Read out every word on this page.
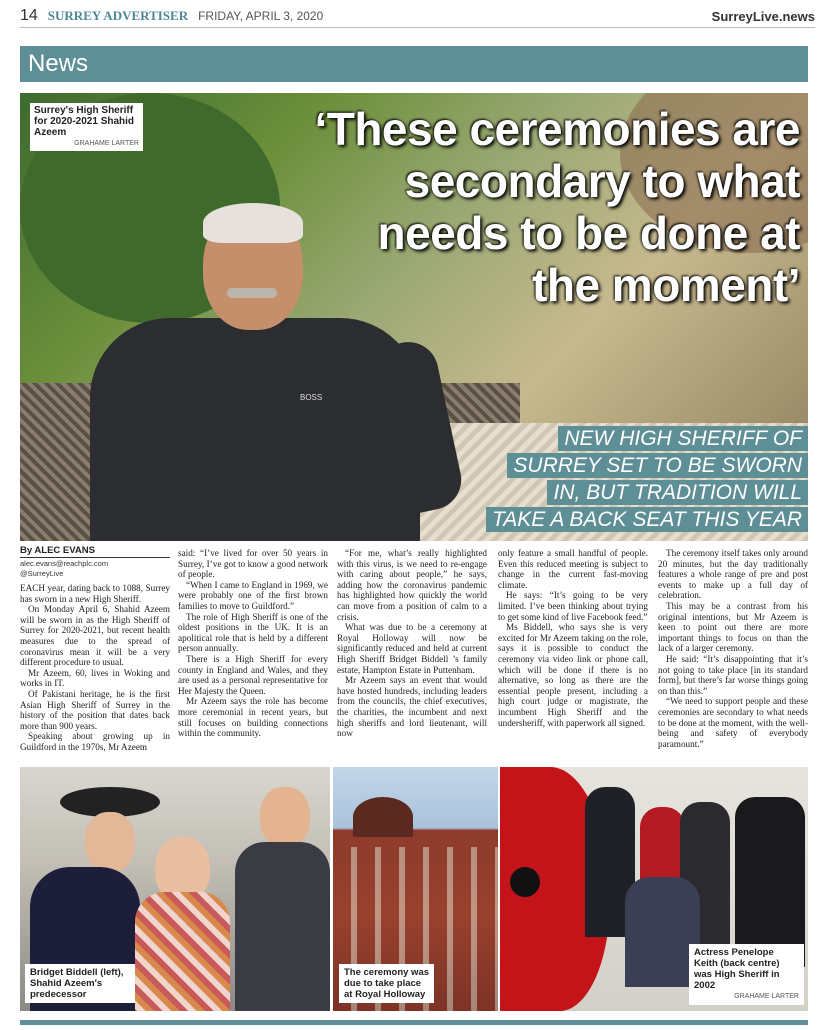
14 SURREY ADVERTISER FRIDAY, APRIL 3, 2020	SurreyLive.news
News
BOSS
Surrey's High Sheriff for 2020-2021 Shahid Azeem
GRAHAME LARTER	‘These ceremonies are secondary to what needs to be done at the moment’
NEW HIGH SHERIFF OF
SURREY SET TO BE SWORN
IN, BUT TRADITION WILL
TAKE A BACK SEAT THIS YEAR
By ALEC EVANS
alec.evans@reachplc.com
@SurreyLive

EACH year, dating back to 1088, Surrey has sworn in a new High Sheriff.

On Monday April 6, Shahid Azeem will be sworn in as the High Sheriff of Surrey for 2020-2021, but recent health measures due to the spread of coronavirus mean it will be a very different procedure to usual.

Mr Azeem, 60, lives in Woking and works in IT.

Of Pakistani heritage, he is the first Asian High Sheriff of Surrey in the history of the position that dates back more than 900 years.

Speaking about growing up in Guildford in the 1970s, Mr Azeem

said: “I’ve lived for over 50 years in Surrey, I’ve got to know a good network of people.

“When I came to England in 1969, we were probably one of the first brown families to move to Guildford.”

The role of High Sheriff is one of the oldest positions in the UK. It is an apolitical role that is held by a different person annually.

There is a High Sheriff for every county in England and Wales, and they are used as a personal representative for Her Majesty the Queen.

Mr Azeem says the role has become more ceremonial in recent years, but still focuses on building connections within the community.

“For me, what’s really highlighted with this virus, is we need to re-engage with caring about people,” he says, adding how the coronavirus pandemic has highlighted how quickly the world can move from a position of calm to a crisis.

What was due to be a ceremony at Royal Holloway will now be significantly reduced and held at current High Sheriff Bridget Biddell ’s family estate, Hampton Estate in Puttenham.

Mr Azeem says an event that would have hosted hundreds, including leaders from the councils, the chief executives, the charities, the incumbent and next high sheriffs and lord lieutenant, will now

only feature a small handful of people. Even this reduced meeting is subject to change in the current fast-moving climate.

He says: “It’s going to be very limited. I’ve been thinking about trying to get some kind of live Facebook feed.”

Ms Biddell, who says she is very excited for Mr Azeem taking on the role, says it is possible to conduct the ceremony via video link or phone call, which will be done if there is no alternative, so long as there are the essential people present, including a high court judge or magistrate, the incumbent High Sheriff and the undersheriff, with paperwork all signed.

The ceremony itself takes only around 20 minutes, but the day traditionally features a whole range of pre and post events to make up a full day of celebration.

This may be a contrast from his original intentions, but Mr Azeem is keen to point out there are more important things to focus on than the lack of a larger ceremony.

He said: “It’s disappointing that it’s not going to take place [in its standard form], but there’s far worse things going on than this.”

“We need to support people and these ceremonies are secondary to what needs to be done at the moment, with the well-being and safety of everybody paramount.”

Bridget Biddell (left), Shahid Azeem's predecessor
The ceremony was due to take place at Royal Holloway
Actress Penelope Keith (back centre) was High Sheriff in 2002
GRAHAME LARTER
